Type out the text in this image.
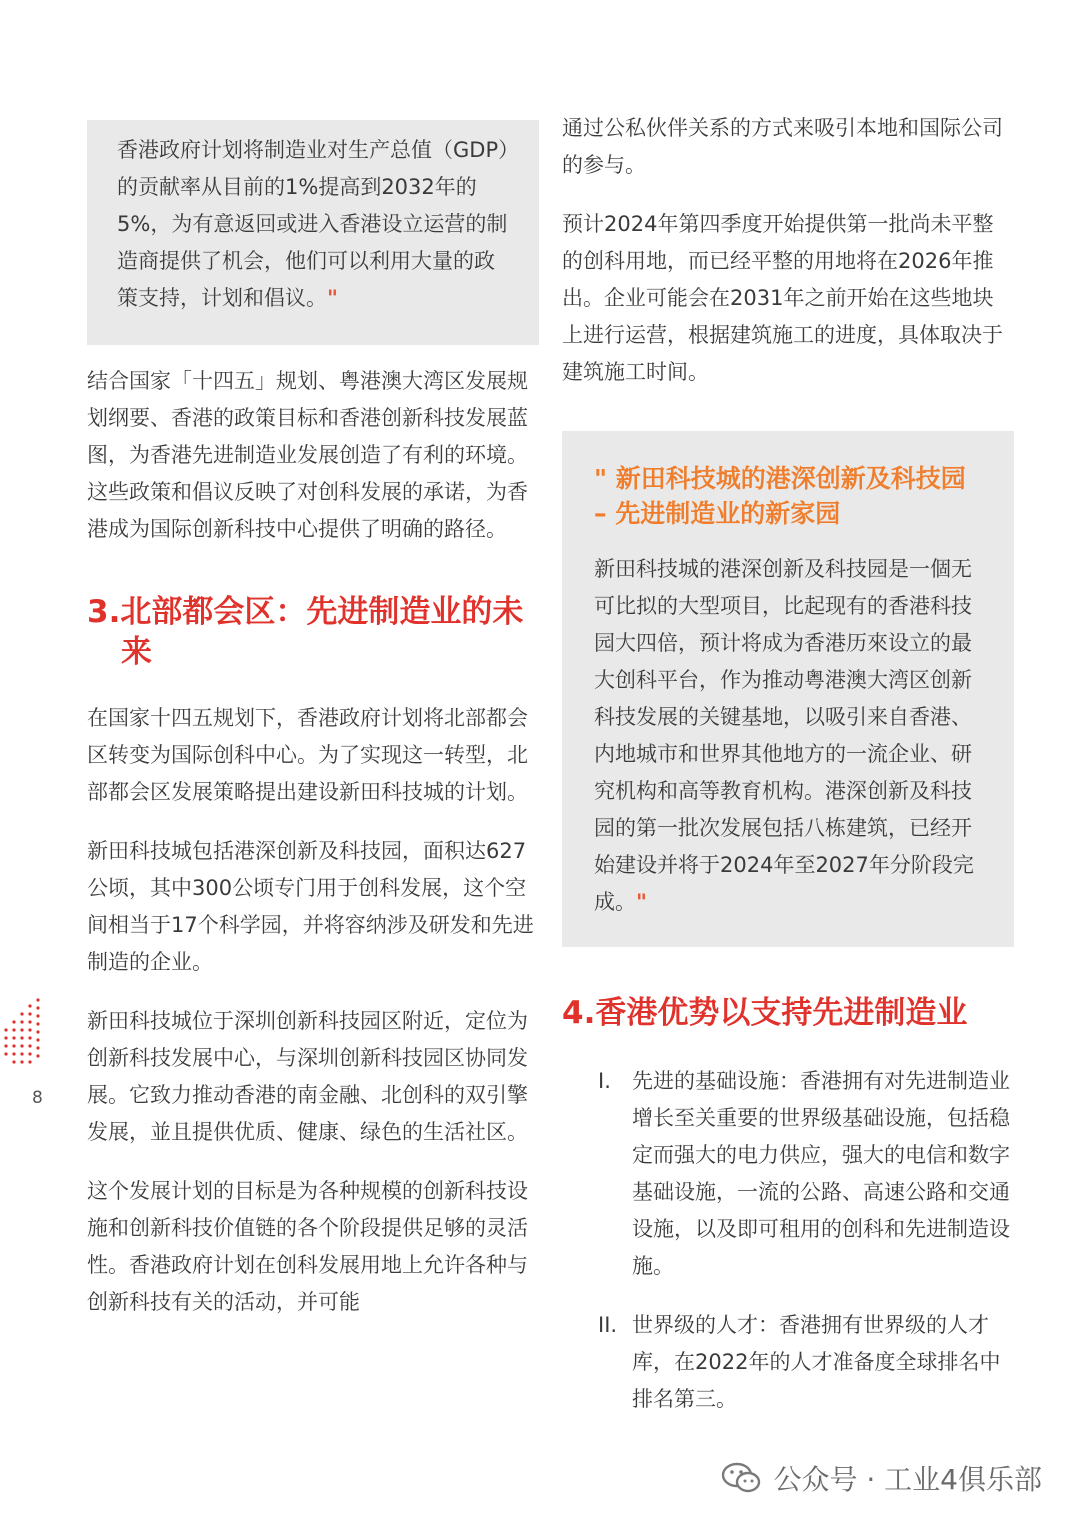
香港政府计划将制造业对生产总值（GDP）的贡献率从目前的1%提高到2032年的5%，为有意返回或进入香港设立运营的制造商提供了机会，他们可以利用大量的政策支持，计划和倡议。"

结合国家「十四五」规划、粤港澳大湾区发展规划纲要、香港的政策目标和香港创新科技发展蓝图，为香港先进制造业发展创造了有利的环境。这些政策和倡议反映了对创科发展的承诺，为香港成为国际创新科技中心提供了明确的路径。

3.北部都会区：先进制造业的未来

在国家十四五规划下，香港政府计划将北部都会区转变为国际创科中心。为了实现这一转型，北部都会区发展策略提出建设新田科技城的计划。

新田科技城包括港深创新及科技园，面积达627公顷，其中300公顷专门用于创科发展，这个空间相当于17个科学园，并将容纳涉及研发和先进制造的企业。

新田科技城位于深圳创新科技园区附近，定位为创新科技发展中心，与深圳创新科技园区协同发展。它致力推动香港的南金融、北创科的双引擎发展，並且提供优质、健康、绿色的生活社区。

这个发展计划的目标是为各种规模的创新科技设施和创新科技价值链的各个阶段提供足够的灵活性。香港政府计划在创科发展用地上允许各种与创新科技有关的活动，并可能

通过公私伙伴关系的方式来吸引本地和国际公司的参与。

预计2024年第四季度开始提供第一批尚未平整的创科用地，而已经平整的用地将在2026年推出。企业可能会在2031年之前开始在这些地块上进行运营，根据建筑施工的进度，具体取决于建筑施工时间。

" 新田科技城的港深创新及科技园 – 先进制造业的新家园

新田科技城的港深创新及科技园是一個无可比拟的大型项目，比起现有的香港科技园大四倍，预计将成为香港历來设立的最大创科平台，作为推动粤港澳大湾区创新科技发展的关键基地，以吸引来自香港、内地城市和世界其他地方的一流企业、研究机构和高等教育机构。港深创新及科技园的第一批次发展包括八栋建筑，已经开始建设并将于2024年至2027年分阶段完成。"

4.香港优势以支持先进制造业
I.	先进的基础设施：香港拥有对先进制造业增长至关重要的世界级基础设施，包括稳定而强大的电力供应，强大的电信和数字基础设施，一流的公路、高速公路和交通设施，以及即可租用的创科和先进制造设施。
II. 世界级的人才：香港拥有世界级的人才库，在2022年的人才准备度全球排名中排名第三。
8
公众号 · 工业4俱乐部
